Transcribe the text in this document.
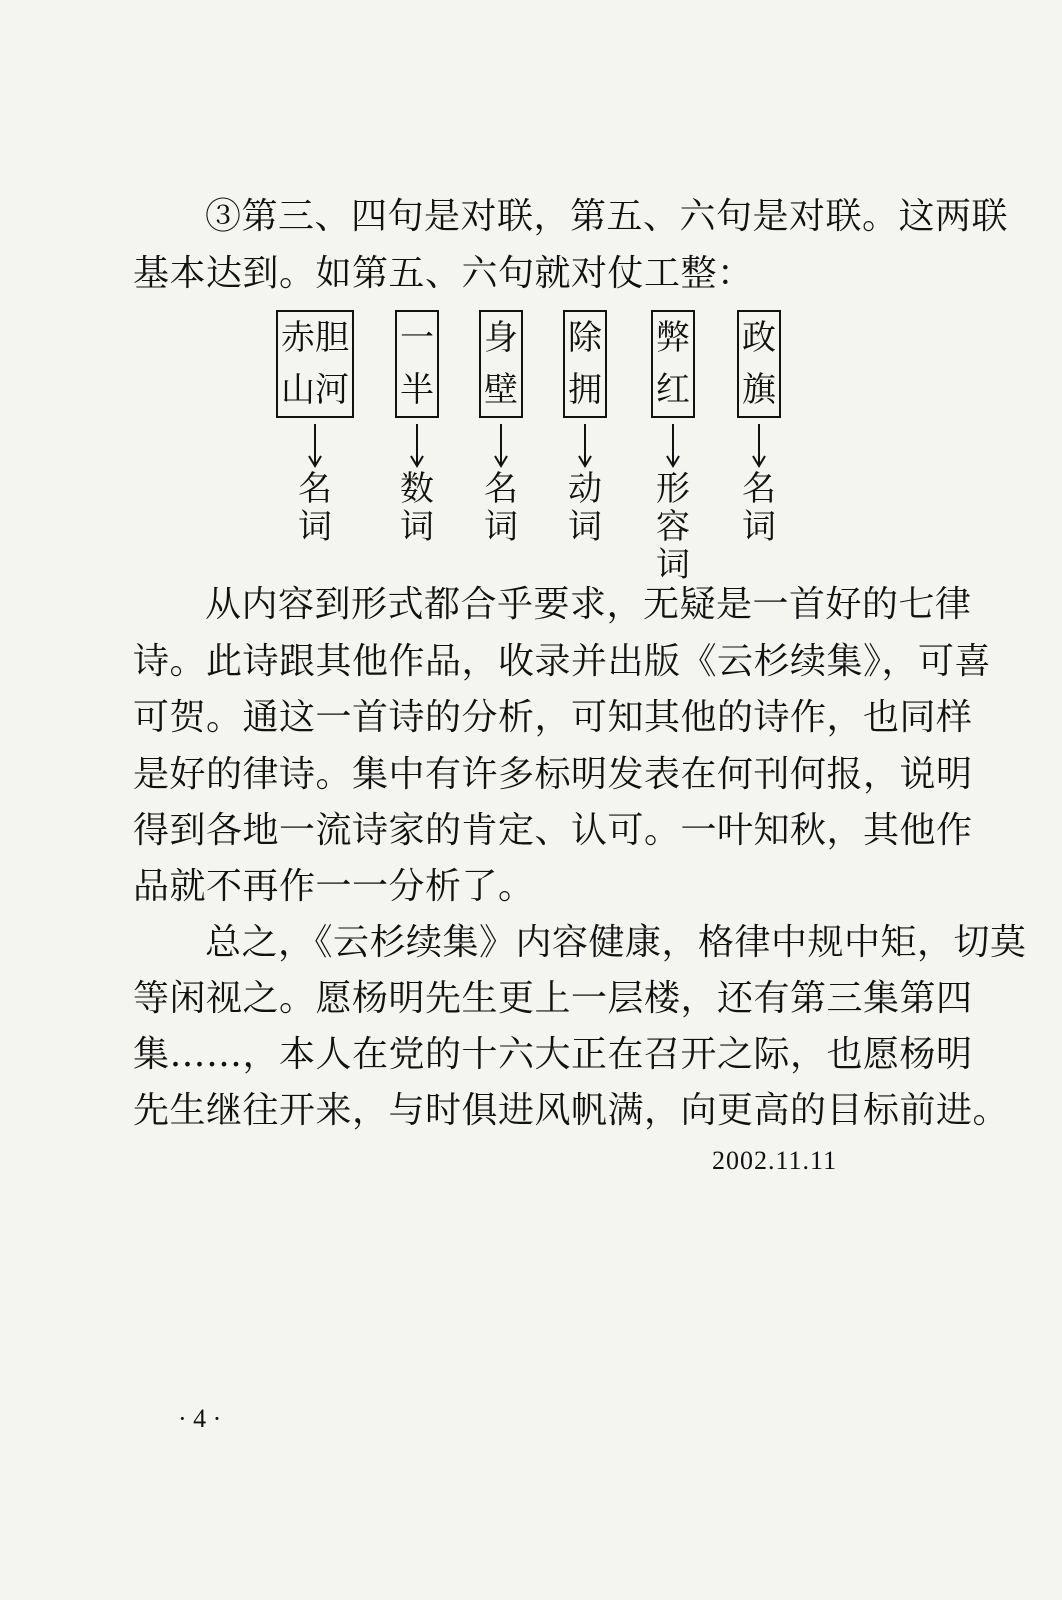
③第三、四句是对联，第五、六句是对联。这两联
基本达到。如第五、六句就对仗工整：
赤胆
山河
名词
一
半
数词
身
壁
名词
除
拥
动词
弊
红
形容词
政
旗
名词
从内容到形式都合乎要求，无疑是一首好的七律
诗。此诗跟其他作品，收录并出版《云杉续集》，可喜
可贺。通这一首诗的分析，可知其他的诗作，也同样
是好的律诗。集中有许多标明发表在何刊何报，说明
得到各地一流诗家的肯定、认可。一叶知秋，其他作
品就不再作一一分析了。
总之，《云杉续集》内容健康，格律中规中矩，切莫
等闲视之。愿杨明先生更上一层楼，还有第三集第四
集……，本人在党的十六大正在召开之际，也愿杨明
先生继往开来，与时俱进风帆满，向更高的目标前进。
2002.11.11
· 4 ·
